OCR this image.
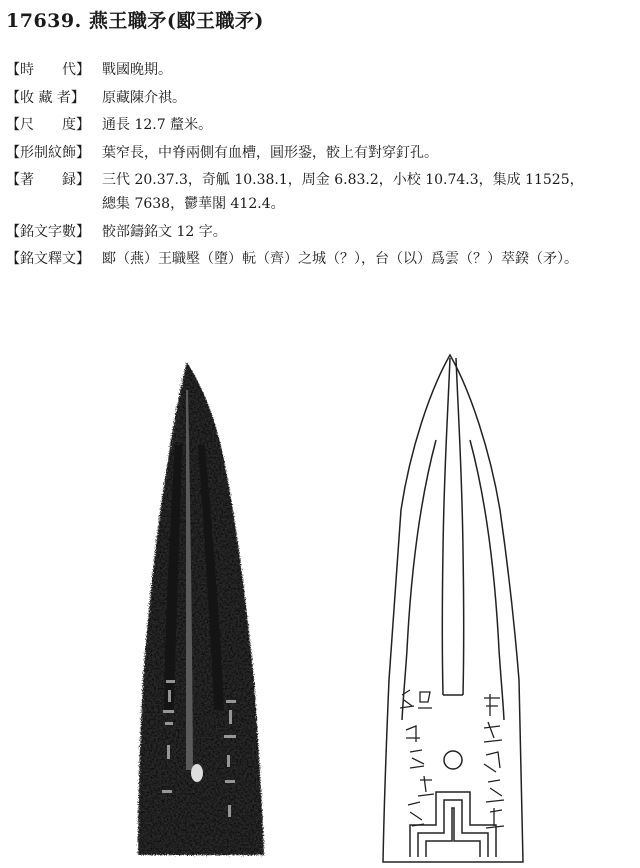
17639. 燕王職矛(郾王職矛)
【時　　代】 戰國晚期。
【收 藏 者】	原藏陳介祺。
【尺　　度】 通長 12.7 釐米。
【形制紋飾】 葉窄長，中脊兩側有血槽，圓形銎，骹上有對穿釘孔。
【著　　録】 三代 20.37.3，奇觚 10.38.1，周金 6.83.2，小校 10.74.3，集成 11525，
總集 7638，鬱華閣 412.4。
【銘文字數】 骹部鑄銘文 12 字。
【銘文釋文】 郾（燕）王職壂（墮）䡇（齊）之城（？），台（以）爲雲（？）萃鍨（矛）。
